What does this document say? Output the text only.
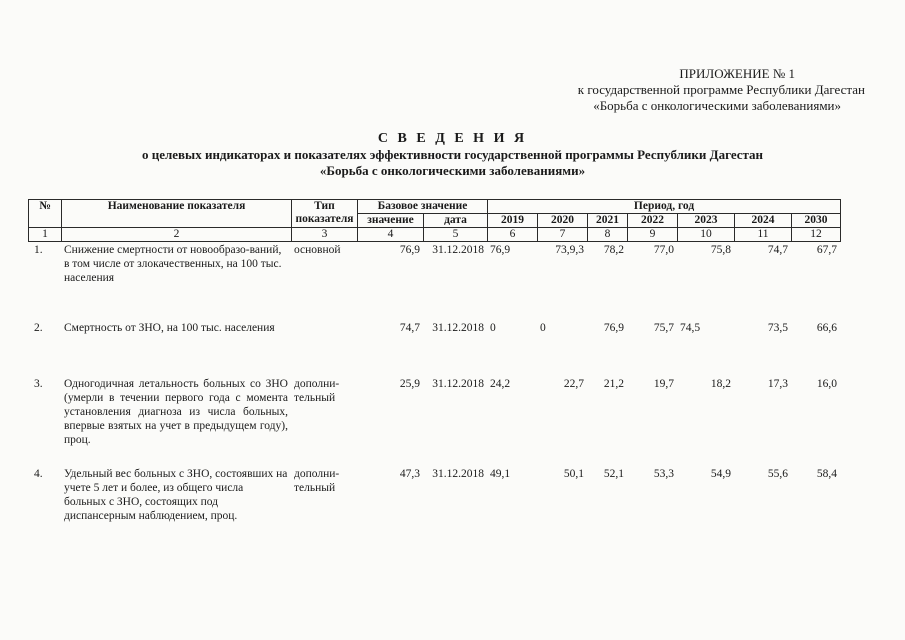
ПРИЛОЖЕНИЕ № 1
к государственной программе Республики Дагестан
«Борьба с онкологическими заболеваниями»
С В Е Д Е Н И Я
о целевых индикаторах и показателях эффективности государственной программы Республики Дагестан
«Борьба с онкологическими заболеваниями»
№	Наименование показателя	Тип показателя	Базовое значение		Период, год						
			значение	дата	2019	2020	2021	2022	2023	2024	2030
1	2	3	4	5	6	7	8	9	10	11	12
1.	Снижение смертности от новообразо-ваний, в том числе от злокачественных, на 100 тыс. населения	основной	76,9	31.12.2018	76,9	73,9,3	78,2	77,0	75,8	74,7	67,7
2.	Смертность от ЗНО, на 100 тыс. населения		74,7	31.12.2018	0	0	76,9	75,7	74,5	73,5	66,6
3.	Одногодичная летальность больных со ЗНО (умерли в течении первого года с момента установления диагноза из числа больных, впервые взятых на учет в предыдущем году), проц.	дополни-тельный	25,9	31.12.2018	24,2	22,7	21,2	19,7	18,2	17,3	16,0
4.	Удельный вес больных с ЗНО, состоявших на учете 5 лет и более, из общего числа больных с ЗНО, состоящих под диспансерным наблюдением, проц.	дополни-тельный	47,3	31.12.2018	49,1	50,1	52,1	53,3	54,9	55,6	58,4
